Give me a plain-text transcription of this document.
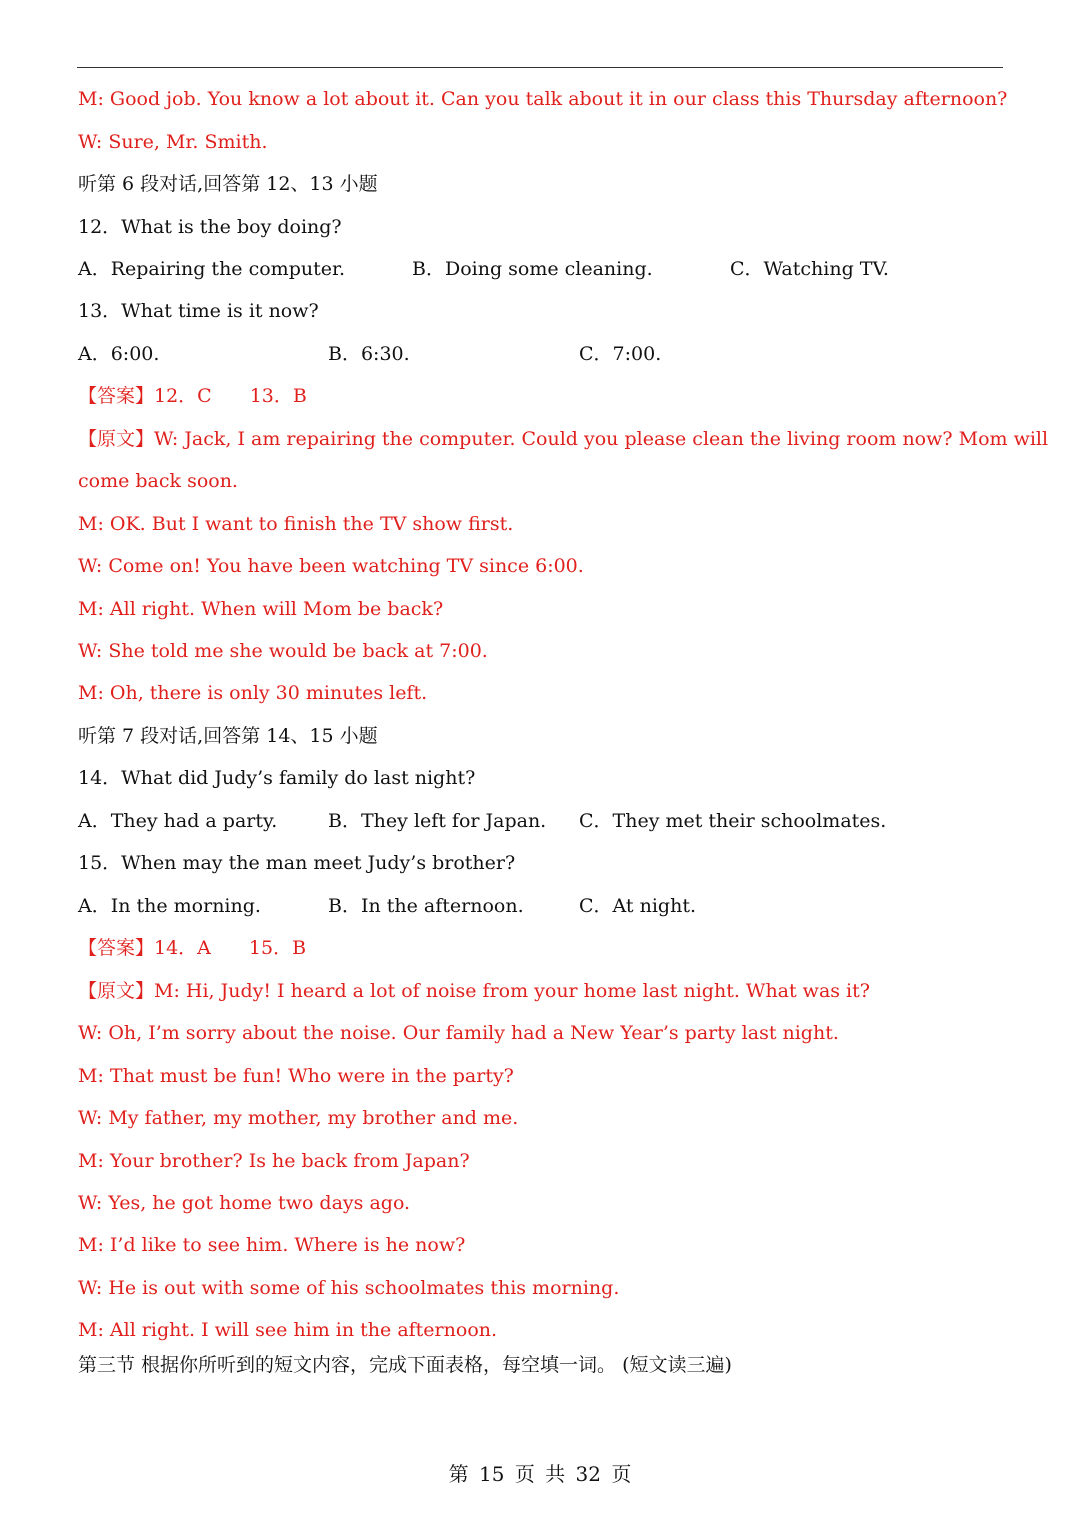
M: Good job. You know a lot about it. Can you talk about it in our class this Thursday afternoon?
W: Sure, Mr. Smith.
听第 6 段对话,回答第 12、13 小题
12．What is the boy doing?
A．Repairing the computer.	B．Doing some cleaning.	C．Watching TV.
13．What time is it now?
A．6:00.	B．6:30.	C．7:00.
【答案】12．C　　13．B
【原文】W: Jack, I am repairing the computer. Could you please clean the living room now? Mom will
come back soon.
M: OK. But I want to finish the TV show first.
W: Come on! You have been watching TV since 6:00.
M: All right. When will Mom be back?
W: She told me she would be back at 7:00.
M: Oh, there is only 30 minutes left.
听第 7 段对话,回答第 14、15 小题
14．What did Judy’s family do last night?
A．They had a party.	B．They left for Japan. C．They met their schoolmates.
15．When may the man meet Judy’s brother?
A．In the morning.	B．In the afternoon.	C．At night.
【答案】14．A　　15．B
【原文】M: Hi, Judy! I heard a lot of noise from your home last night. What was it?
W: Oh, I’m sorry about the noise. Our family had a New Year’s party last night.
M: That must be fun! Who were in the party?
W: My father, my mother, my brother and me.
M: Your brother? Is he back from Japan?
W: Yes, he got home two days ago.
M: I’d like to see him. Where is he now?
W: He is out with some of his schoolmates this morning.
M: All right. I will see him in the afternoon.
第三节 根据你所听到的短文内容，完成下面表格，每空填一词。 (短文读三遍)
第 15 页 共 32 页
